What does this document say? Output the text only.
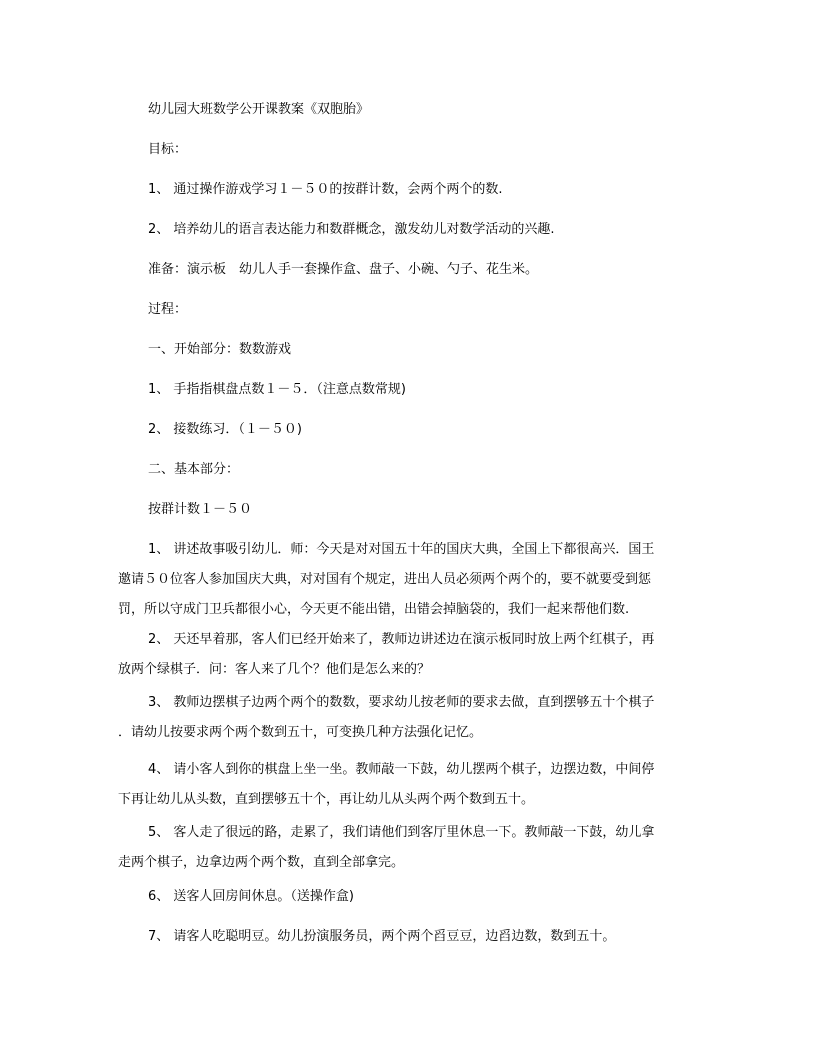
幼儿园大班数学公开课教案《双胞胎》
目标：
1、 通过操作游戏学习１－５０的按群计数，会两个两个的数.
2、 培养幼儿的语言表达能力和数群概念，激发幼儿对数学活动的兴趣.
准备：演示板　幼儿人手一套操作盒、盘子、小碗、勺子、花生米。
过程：
一、开始部分：数数游戏
1、 手指指棋盘点数１－５．（注意点数常规)
2、 接数练习．（１－５０)
二、基本部分：
按群计数１－５０
1、 讲述故事吸引幼儿．师：今天是对对国五十年的国庆大典，全国上下都很高兴．国王
邀请５０位客人参加国庆大典，对对国有个规定，进出人员必须两个两个的，要不就要受到惩
罚，所以守成门卫兵都很小心，今天更不能出错，出错会掉脑袋的，我们一起来帮他们数.
2、 天还早着那，客人们已经开始来了，教师边讲述边在演示板同时放上两个红棋子，再
放两个绿棋子．问：客人来了几个？他们是怎么来的？
3、 教师边摆棋子边两个两个的数数，要求幼儿按老师的要求去做，直到摆够五十个棋子
．请幼儿按要求两个两个数到五十，可变换几种方法强化记忆。
4、 请小客人到你的棋盘上坐一坐。教师敲一下鼓，幼儿摆两个棋子，边摆边数，中间停
下再让幼儿从头数，直到摆够五十个，再让幼儿从头两个两个数到五十。
5、 客人走了很远的路，走累了，我们请他们到客厅里休息一下。教师敲一下鼓，幼儿拿
走两个棋子，边拿边两个两个数，直到全部拿完。
6、 送客人回房间休息。（送操作盒)
7、 请客人吃聪明豆。幼儿扮演服务员，两个两个舀豆豆，边舀边数，数到五十。
